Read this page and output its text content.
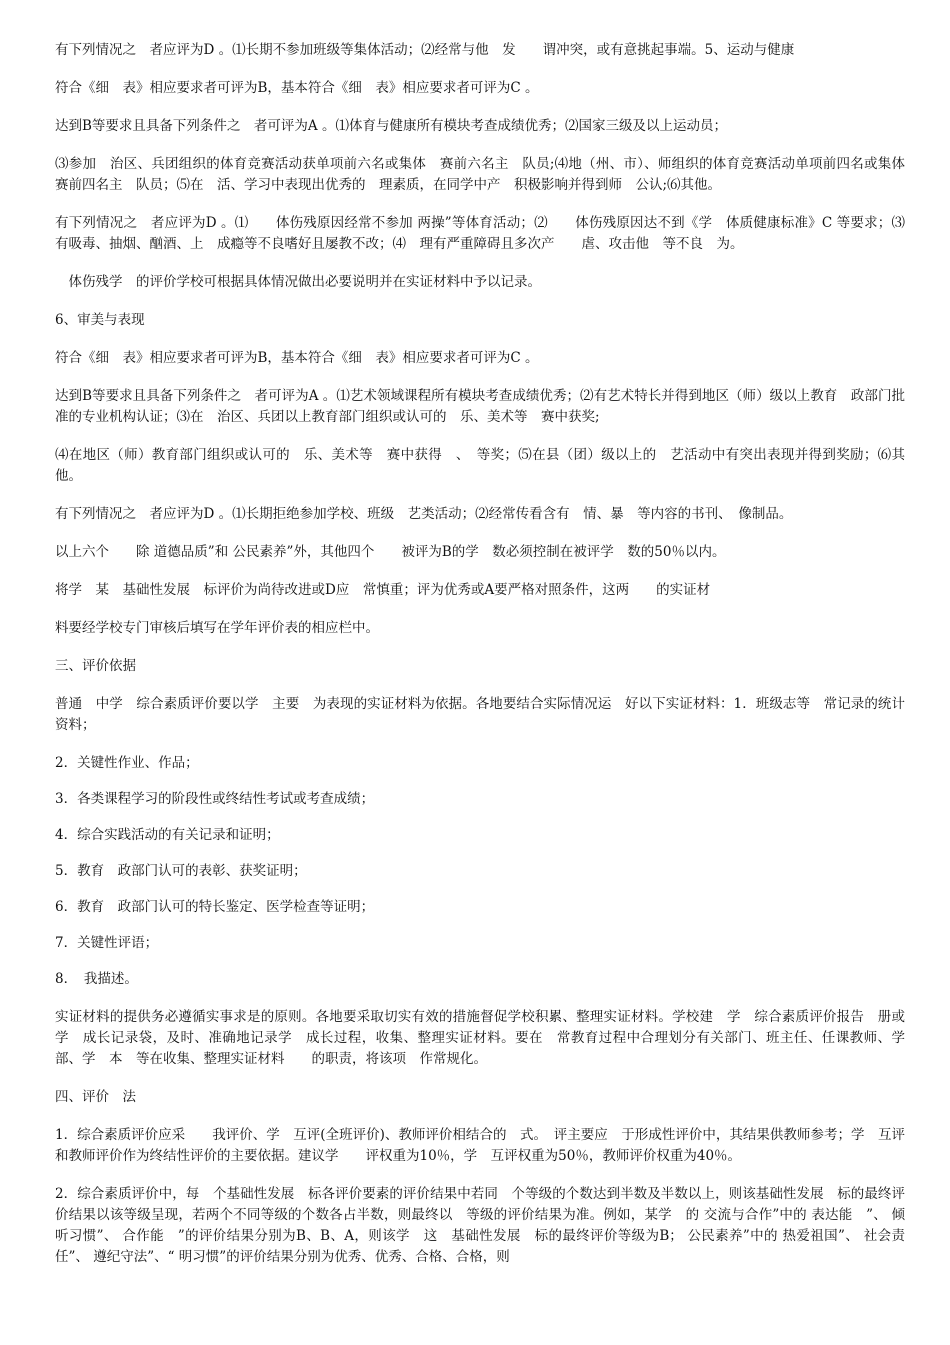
有下列情况之　者应评为D 。⑴长期不参加班级等集体活动；⑵经常与他　发　　谓冲突，或有意挑起事端。5、运动与健康

符合《细　表》相应要求者可评为B，基本符合《细　表》相应要求者可评为C 。

达到B等要求且具备下列条件之　者可评为A 。⑴体育与健康所有模块考查成绩优秀；⑵国家三级及以上运动员；

⑶参加　治区、兵团组织的体育竞赛活动获单项前六名或集体　赛前六名主　队员;⑷地（州、市）、师组织的体育竞赛活动单项前四名或集体　赛前四名主　队员；⑸在　活、学习中表现出优秀的　理素质，在同学中产　积极影响并得到师　公认;⑹其他。

有下列情况之　者应评为D 。⑴　　体伤残原因经常不参加 两操”等体育活动；⑵　　体伤残原因达不到《学　体质健康标准》C 等要求；⑶有吸毒、抽烟、酗酒、上　成瘾等不良嗜好且屡教不改；⑷　理有严重障碍且多次产　　虐、攻击他　等不良　为。

　体伤残学　的评价学校可根据具体情况做出必要说明并在实证材料中予以记录。

6、审美与表现

符合《细　表》相应要求者可评为B，基本符合《细　表》相应要求者可评为C 。

达到B等要求且具备下列条件之　者可评为A 。⑴艺术领域课程所有模块考查成绩优秀；⑵有艺术特长并得到地区（师）级以上教育　政部门批准的专业机构认证；⑶在　治区、兵团以上教育部门组织或认可的　乐、美术等　赛中获奖;

⑷在地区（师）教育部门组织或认可的　乐、美术等　赛中获得　、　等奖；⑸在县（团）级以上的　艺活动中有突出表现并得到奖励；⑹其他。

有下列情况之　者应评为D 。⑴长期拒绝参加学校、班级　艺类活动；⑵经常传看含有　情、暴　等内容的书刊、　像制品。

以上六个　　除 道德品质”和 公民素养”外，其他四个　　被评为B的学　数必须控制在被评学　数的50％以内。

将学　某　基础性发展　标评价为尚待改进或D应　常慎重；评为优秀或A要严格对照条件，这两　　的实证材

料要经学校专门审核后填写在学年评价表的相应栏中。

三、评价依据

普通　中学　综合素质评价要以学　主要　为表现的实证材料为依据。各地要结合实际情况运　好以下实证材料：1．班级志等　常记录的统计资料；

2．关键性作业、作品；

3．各类课程学习的阶段性或终结性考试或考查成绩；

4．综合实践活动的有关记录和证明；

5．教育　政部门认可的表彰、获奖证明；

6．教育　政部门认可的特长鉴定、医学检查等证明；

7．关键性评语；

8．　我描述。

实证材料的提供务必遵循实事求是的原则。各地要采取切实有效的措施督促学校积累、整理实证材料。学校建　学　综合素质评价报告　册或学　成长记录袋，及时、准确地记录学　成长过程，收集、整理实证材料。要在　常教育过程中合理划分有关部门、班主任、任课教师、学　　部、学　本　等在收集、整理实证材料　　的职责，将该项　作常规化。

四、评价　法

1．综合素质评价应采　　我评价、学　互评(全班评价)、教师评价相结合的　式。　评主要应　于形成性评价中，其结果供教师参考；学　互评和教师评价作为终结性评价的主要依据。建议学　　评权重为10％，学　互评权重为50％，教师评价权重为40％。

2．综合素质评价中，每　个基础性发展　标各评价要素的评价结果中若同　个等级的个数达到半数及半数以上，则该基础性发展　标的最终评价结果以该等级呈现，若两个不同等级的个数各占半数，则最终以　等级的评价结果为准。例如，某学　的 交流与合作”中的 表达能　”、 倾听习惯”、 合作能　”的评价结果分别为B、B、A，则该学　这　基础性发展　标的最终评价等级为B； 公民素养”中的 热爱祖国”、 社会责任”、 遵纪守法”、“ 明习惯”的评价结果分别为优秀、优秀、合格、合格，则
